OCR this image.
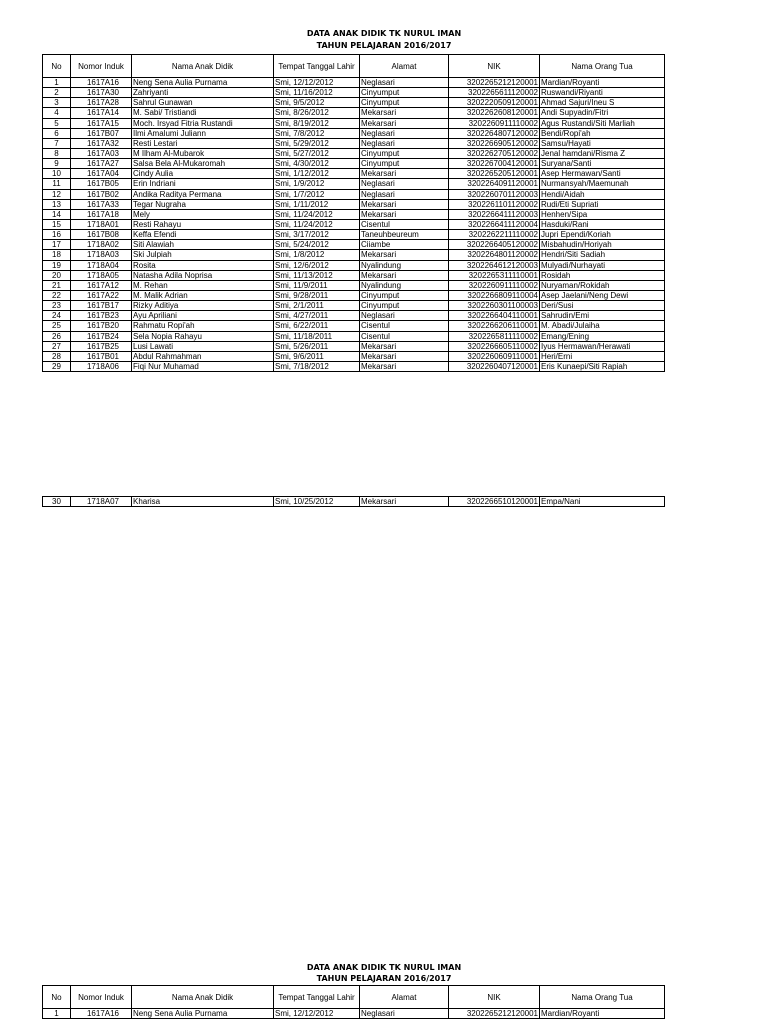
DATA ANAK DIDIK TK NURUL IMAN
TAHUN PELAJARAN 2016/2017
No	Nomor Induk	Nama Anak Didik	Tempat Tanggal Lahir	Alamat	NIK	Nama Orang Tua
1	1617A16	Neng Sena Aulia Purnama	Smi, 12/12/2012	Neglasari	3202265212120001	Mardian/Royanti
2	1617A30	Zahriyanti	Smi, 11/16/2012	Cinyumput	3202265611120002	Ruswandi/Riyanti
3	1617A28	Sahrul Gunawan	Smi, 9/5/2012	Cinyumput	3202220509120001	Ahmad Sajuri/Ineu S
4	1617A14	M. Sabi/ Tristiandi	Smi, 8/26/2012	Mekarsari	3202262608120001	Andi Supyadin/Fitri
5	1617A15	Moch. Irsyad Fitria Rustandi	Smi, 8/19/2012	Mekarsari	3202260911110002	Agus Rustandi/Siti Marliah
6	1617B07	Ilmi Amalumi Juliann	Smi, 7/8/2012	Neglasari	3202264807120002	Bendi/Ropi'ah
7	1617A32	Resti Lestari	Smi, 5/29/2012	Neglasari	3202266905120002	Samsu/Hayati
8	1617A03	M Ilham Al-Mubarok	Smi, 5/27/2012	Cinyumput	3202262705120002	Jenal hamdani/Risma Z
9	1617A27	Salsa Bela Al-Mukaromah	Smi, 4/30/2012	Cinyumput	3202267004120001	Suryana/Santi
10	1617A04	Cindy Aulia	Smi, 1/12/2012	Mekarsari	3202265205120001	Asep Hermawan/Santi
11	1617B05	Erin Indriani	Smi, 1/9/2012	Neglasari	3202264091120001	Nurmansyah/Maemunah
12	1617B02	Andika Raditya Permana	Smi, 1/7/2012	Neglasari	3202260701120003	Hendi/Aidah
13	1617A33	Tegar Nugraha	Smi, 1/11/2012	Mekarsari	3202261101120002	Rudi/Eti Supriati
14	1617A18	Mely	Smi, 11/24/2012	Mekarsari	3202266411120003	Henhen/Sipa
15	1718A01	Resti Rahayu	Smi, 11/24/2012	Cisentul	3202266411120004	Hasduki/Rani
16	1617B08	Keffa Efendi	Smi, 3/17/2012	Taneuhbeureum	3202262211110002	Jupri Ependi/Koriah
17	1718A02	Siti Alawiah	Smi, 5/24/2012	Ciiambe	3202266405120002	Misbahudin/Horiyah
18	1718A03	Ski Julpiah	Smi, 1/8/2012	Mekarsari	3202264801120002	Hendri/Siti Sadiah
19	1718A04	Rosita	Smi, 12/6/2012	Nyalindung	3202264612120003	Mulyadi/Nurhayati
20	1718A05	Natasha Adila Noprisa	Smi, 11/13/2012	Mekarsari	3202265311110001	Rosidah
21	1617A12	M. Rehan	Smi, 11/9/2011	Nyalindung	3202260911110002	Nuryaman/Rokidah
22	1617A22	M. Malik Adrian	Smi, 9/28/2011	Cinyumput	3202266809110004	Asep Jaelani/Neng Dewi
23	1617B17	Rizky Aditiya	Smi, 2/1/2011	Cinyumput	3202260301100003	Deri/Susi
24	1617B23	Ayu Apriliani	Smi, 4/27/2011	Neglasari	3202266404110001	Sahrudin/Emi
25	1617B20	Rahmatu Ropi'ah	Smi, 6/22/2011	Cisentul	3202266206110001	M. Abadi/Julaiha
26	1617B24	Sela Nopia Rahayu	Smi, 11/18/2011	Cisentul	3202265811110002	Emang/Ening
27	1617B25	Lusi Lawati	Smi, 5/26/2011	Mekarsari	3202266605110002	Iyus Hermawan/Herawati
28	1617B01	Abdul Rahmahman	Smi, 9/6/2011	Mekarsari	3202260609110001	Heri/Erni
29	1718A06	Fiqi Nur Muhamad	Smi, 7/18/2012	Mekarsari	3202260407120001	Eris Kunaepi/Siti Rapiah
30	1718A07	Kharisa	Smi, 10/25/2012	Mekarsari	3202266510120001	Empa/Nani
DATA ANAK DIDIK TK NURUL IMAN
TAHUN PELAJARAN 2016/2017
No	Nomor Induk	Nama Anak Didik	Tempat Tanggal Lahir	Alamat	NIK	Nama Orang Tua
1	1617A16	Neng Sena Aulia Purnama	Smi, 12/12/2012	Neglasari	3202265212120001	Mardian/Royanti
